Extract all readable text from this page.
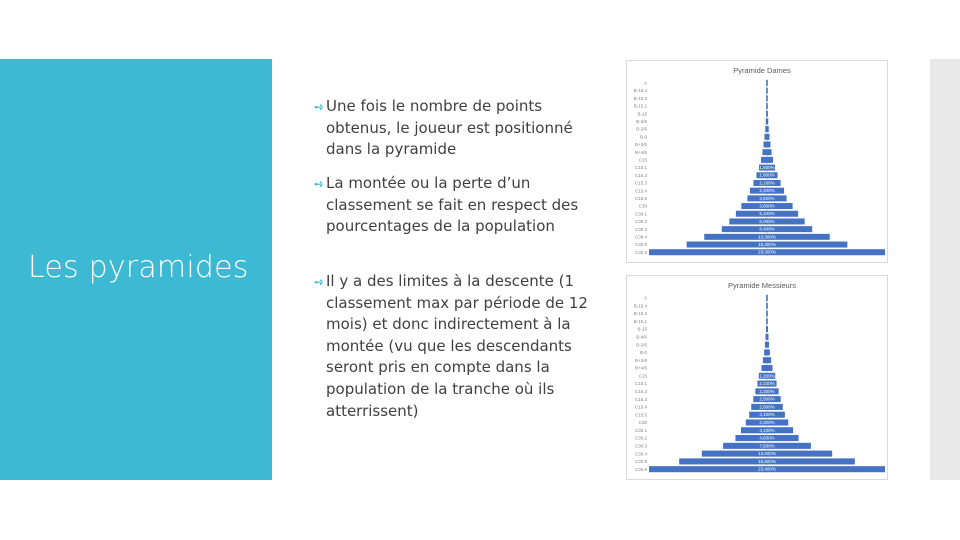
Les pyramides
➺ Une fois le nombre de points obtenus, le joueur est positionné dans la pyramide

➺ La montée ou la perte d’un classement se fait en respect des pourcentages de la population

➺ Il y a des limites à la descente (1 classement max par période de 12 mois) et donc indirectement à la montée (vu que les descendants seront pris en compte dans la population de la tranche où ils atterrissent)

Pyramide Dames
A
B-15.4
B-15.2
B-15.1
B-15
B-4/6
B-2/6
B-0
B+2/6
B+4/6
C15
C15.1	1,500%
C15.2	1,800%
C15.3	2,100%
C15.4	2,400%
C15.5	3,500%
C30	3,600%
C30.1	5,100%
C30.2	6,000%
C30.3	8,400%
C30.4	13,300%
C30.5	16,300%
C30.6	23,300%
Pyramide Messieurs
A
B-15.4
B-15.2
B-15.1
B-15
B-4/6
B-2/6
B-0
B+2/6
B+4/6
C15	1,200%
C15.1	2,100%
C15.2	2,300%
C15.3	2,500%
C15.4	2,600%
C15.5	3,100%
C30	3,300%
C30.1	4,100%
C30.2	4,600%
C30.3	7,500%
C30.4	13,600%
C30.5	16,600%
C30.6	23,400%
